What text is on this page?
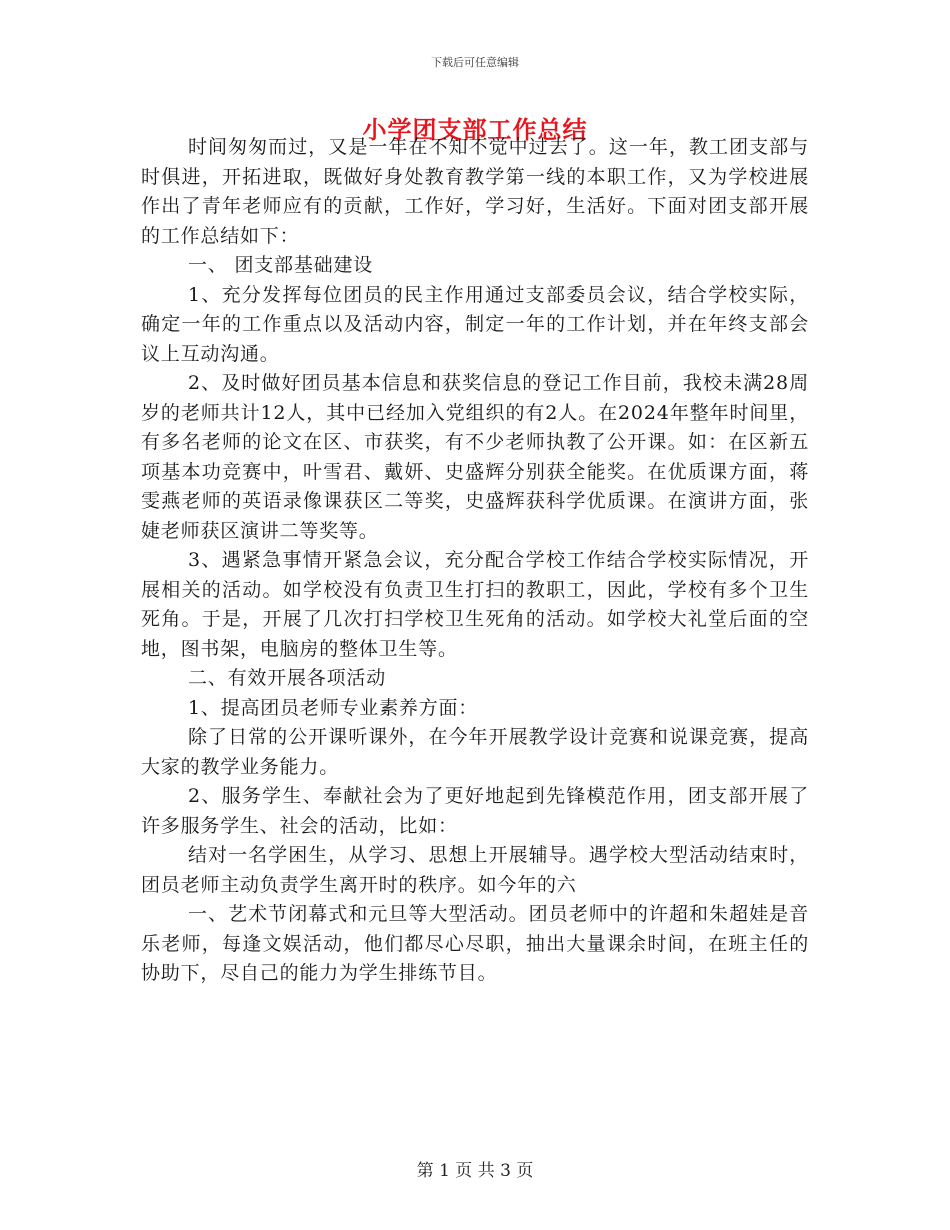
下载后可任意编辑
小学团支部工作总结

时间匆匆而过，又是一年在不知不觉中过去了。这一年，教工团支部与时俱进，开拓进取，既做好身处教育教学第一线的本职工作，又为学校进展作出了青年老师应有的贡献，工作好，学习好，生活好。下面对团支部开展的工作总结如下：

一、 团支部基础建设

1、充分发挥每位团员的民主作用通过支部委员会议，结合学校实际，确定一年的工作重点以及活动内容，制定一年的工作计划，并在年终支部会议上互动沟通。

2、及时做好团员基本信息和获奖信息的登记工作目前，我校未满28周岁的老师共计12人，其中已经加入党组织的有2人。在2024年整年时间里，有多名老师的论文在区、市获奖，有不少老师执教了公开课。如：在区新五项基本功竞赛中，叶雪君、戴妍、史盛辉分别获全能奖。在优质课方面，蒋雯燕老师的英语录像课获区二等奖，史盛辉获科学优质课。在演讲方面，张婕老师获区演讲二等奖等。

3、遇紧急事情开紧急会议，充分配合学校工作结合学校实际情况，开展相关的活动。如学校没有负责卫生打扫的教职工，因此，学校有多个卫生死角。于是，开展了几次打扫学校卫生死角的活动。如学校大礼堂后面的空地，图书架，电脑房的整体卫生等。

二、有效开展各项活动

1、提高团员老师专业素养方面：

除了日常的公开课听课外，在今年开展教学设计竞赛和说课竞赛，提高大家的教学业务能力。

2、服务学生、奉献社会为了更好地起到先锋模范作用，团支部开展了许多服务学生、社会的活动，比如：

结对一名学困生，从学习、思想上开展辅导。遇学校大型活动结束时，团员老师主动负责学生离开时的秩序。如今年的六

一、艺术节闭幕式和元旦等大型活动。团员老师中的许超和朱超娃是音乐老师，每逢文娱活动，他们都尽心尽职，抽出大量课余时间，在班主任的协助下，尽自己的能力为学生排练节目。

第 1 页 共 3 页
